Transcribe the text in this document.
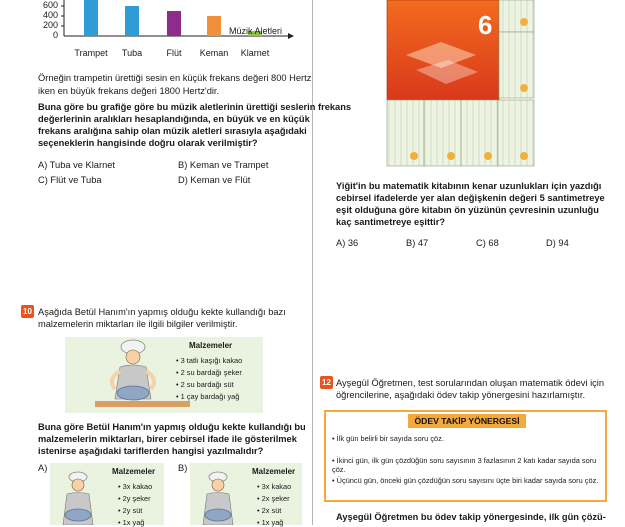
600
400
200
0	Müzik Aletleri
Trampet	Tuba	Flüt	Keman	Klarnet
Örneğin trampetin ürettiği sesin en küçük frekans değeri 800 Hertz
iken en büyük frekans değeri 1800 Hertz'dir.
Buna göre bu grafiğe göre bu müzik aletlerinin ürettiği seslerin frekans
değerlerinin aralıkları hesaplandığında, en büyük ve en küçük
frekans aralığına sahip olan müzik aletleri sırasıyla aşağıdaki
seçeneklerin hangisinde doğru olarak verilmiştir?
A) Tuba ve Klarnet	B) Keman ve Trampet
C) Flüt ve Tuba	D) Keman ve Flüt
10 Aşağıda Betül Hanım'ın yapmış olduğu kekte kullandığı bazı
malzemelerin miktarları ile ilgili bilgiler verilmiştir.
Malzemeler
• 3 tatlı kaşığı kakao
• 2 su bardağı şeker
• 2 su bardağı süt
• 1 çay bardağı yağ
Buna göre Betül Hanım'ın yapmış olduğu kekte kullandığı bu
malzemelerin miktarları, birer cebirsel ifade ile gösterilmek
istenirse aşağıdaki tariflerden hangisi yazılmalıdır?
A)	Malzemeler
• 3x kakao
• 2y şeker
• 2y süt
• 1x yağ
B)	Malzemeler
• 3x kakao
• 2x şeker
• 2x süt
• 1x yağ
6
Yiğit'in bu matematik kitabının kenar uzunlukları için yazdığı
cebirsel ifadelerde yer alan değişkenin değeri 5 santimetreye
eşit olduğuna göre kitabın ön yüzünün çevresinin uzunluğu
kaç santimetreye eşittir?
A) 36	B) 47	C) 68	D) 94
12 Ayşegül Öğretmen, test sorularından oluşan matematik ödevi için
öğrencilerine, aşağıdaki ödev takip yönergesini hazırlamıştır.
ÖDEV TAKİP YÖNERGESİ
• İlk gün belirli bir sayıda soru çöz.
• İkinci gün, ilk gün çözdüğün soru sayısının 3 fazlasının 2 katı kadar sayıda soru çöz.
• Üçüncü gün, önceki gün çözdüğün soru sayısını üçte biri kadar sayıda soru çöz.
Ayşegül Öğretmen bu ödev takip yönergesinde, ilk gün çözü-
